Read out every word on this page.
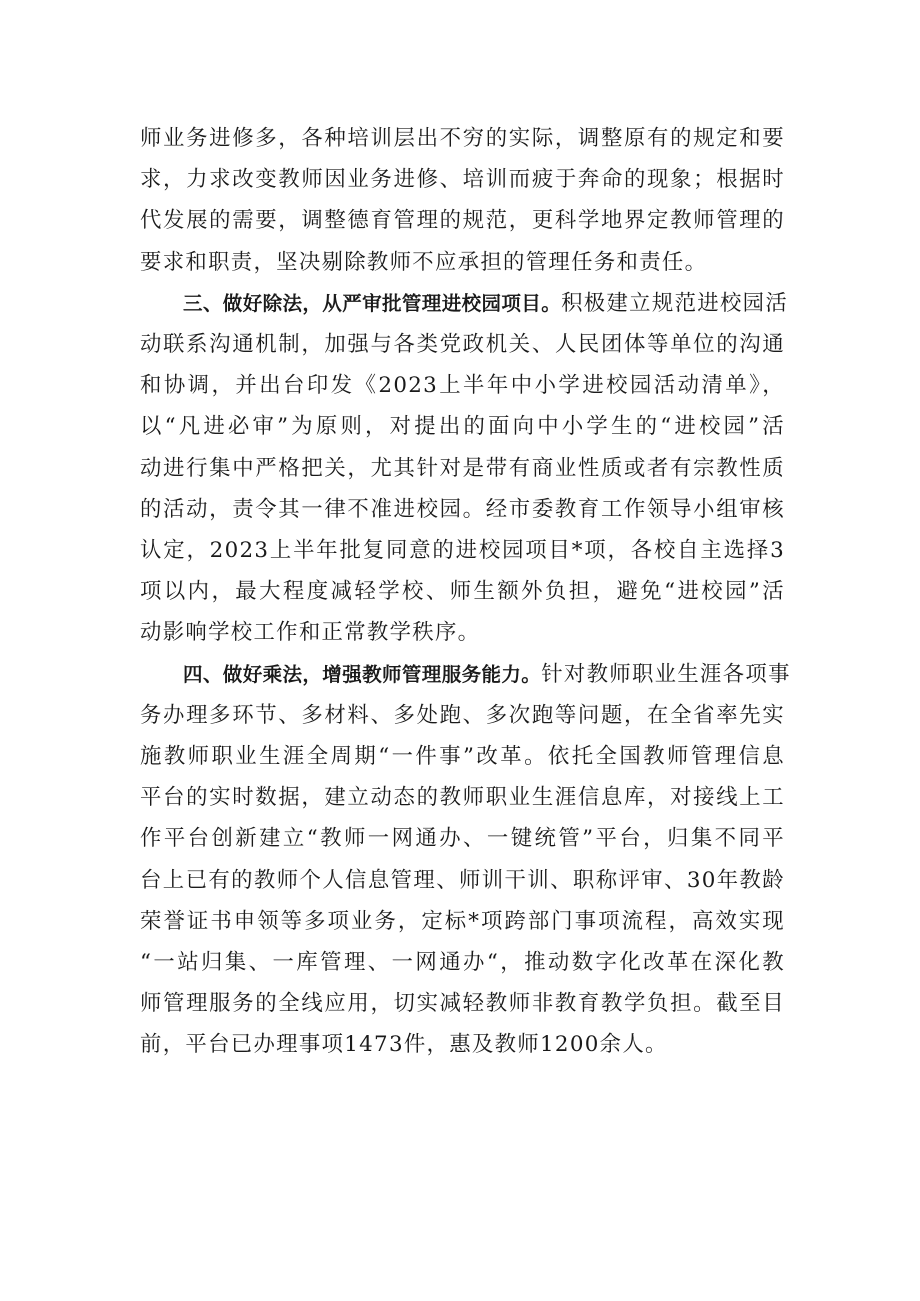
师业务进修多，各种培训层出不穷的实际，调整原有的规定和要
求，力求改变教师因业务进修、培训而疲于奔命的现象；根据时
代发展的需要，调整德育管理的规范，更科学地界定教师管理的
要求和职责，坚决剔除教师不应承担的管理任务和责任。

三、做好除法，从严审批管理进校园项目。积极建立规范进校园活
动联系沟通机制，加强与各类党政机关、人民团体等单位的沟通
和协调，并出台印发《2023上半年中小学进校园活动清单》，
以“凡进必审”为原则，对提出的面向中小学生的“进校园”活
动进行集中严格把关，尤其针对是带有商业性质或者有宗教性质
的活动，责令其一律不准进校园。经市委教育工作领导小组审核
认定，2023上半年批复同意的进校园项目*项，各校自主选择3
项以内，最大程度减轻学校、师生额外负担，避免“进校园”活
动影响学校工作和正常教学秩序。

四、做好乘法，增强教师管理服务能力。针对教师职业生涯各项事
务办理多环节、多材料、多处跑、多次跑等问题，在全省率先实
施教师职业生涯全周期“一件事”改革。依托全国教师管理信息
平台的实时数据，建立动态的教师职业生涯信息库，对接线上工
作平台创新建立“教师一网通办、一键统管”平台，归集不同平
台上已有的教师个人信息管理、师训干训、职称评审、30年教龄
荣誉证书申领等多项业务，定标*项跨部门事项流程，高效实现
“一站归集、一库管理、一网通办“，推动数字化改革在深化教
师管理服务的全线应用，切实减轻教师非教育教学负担。截至目
前，平台已办理事项1473件，惠及教师1200余人。
